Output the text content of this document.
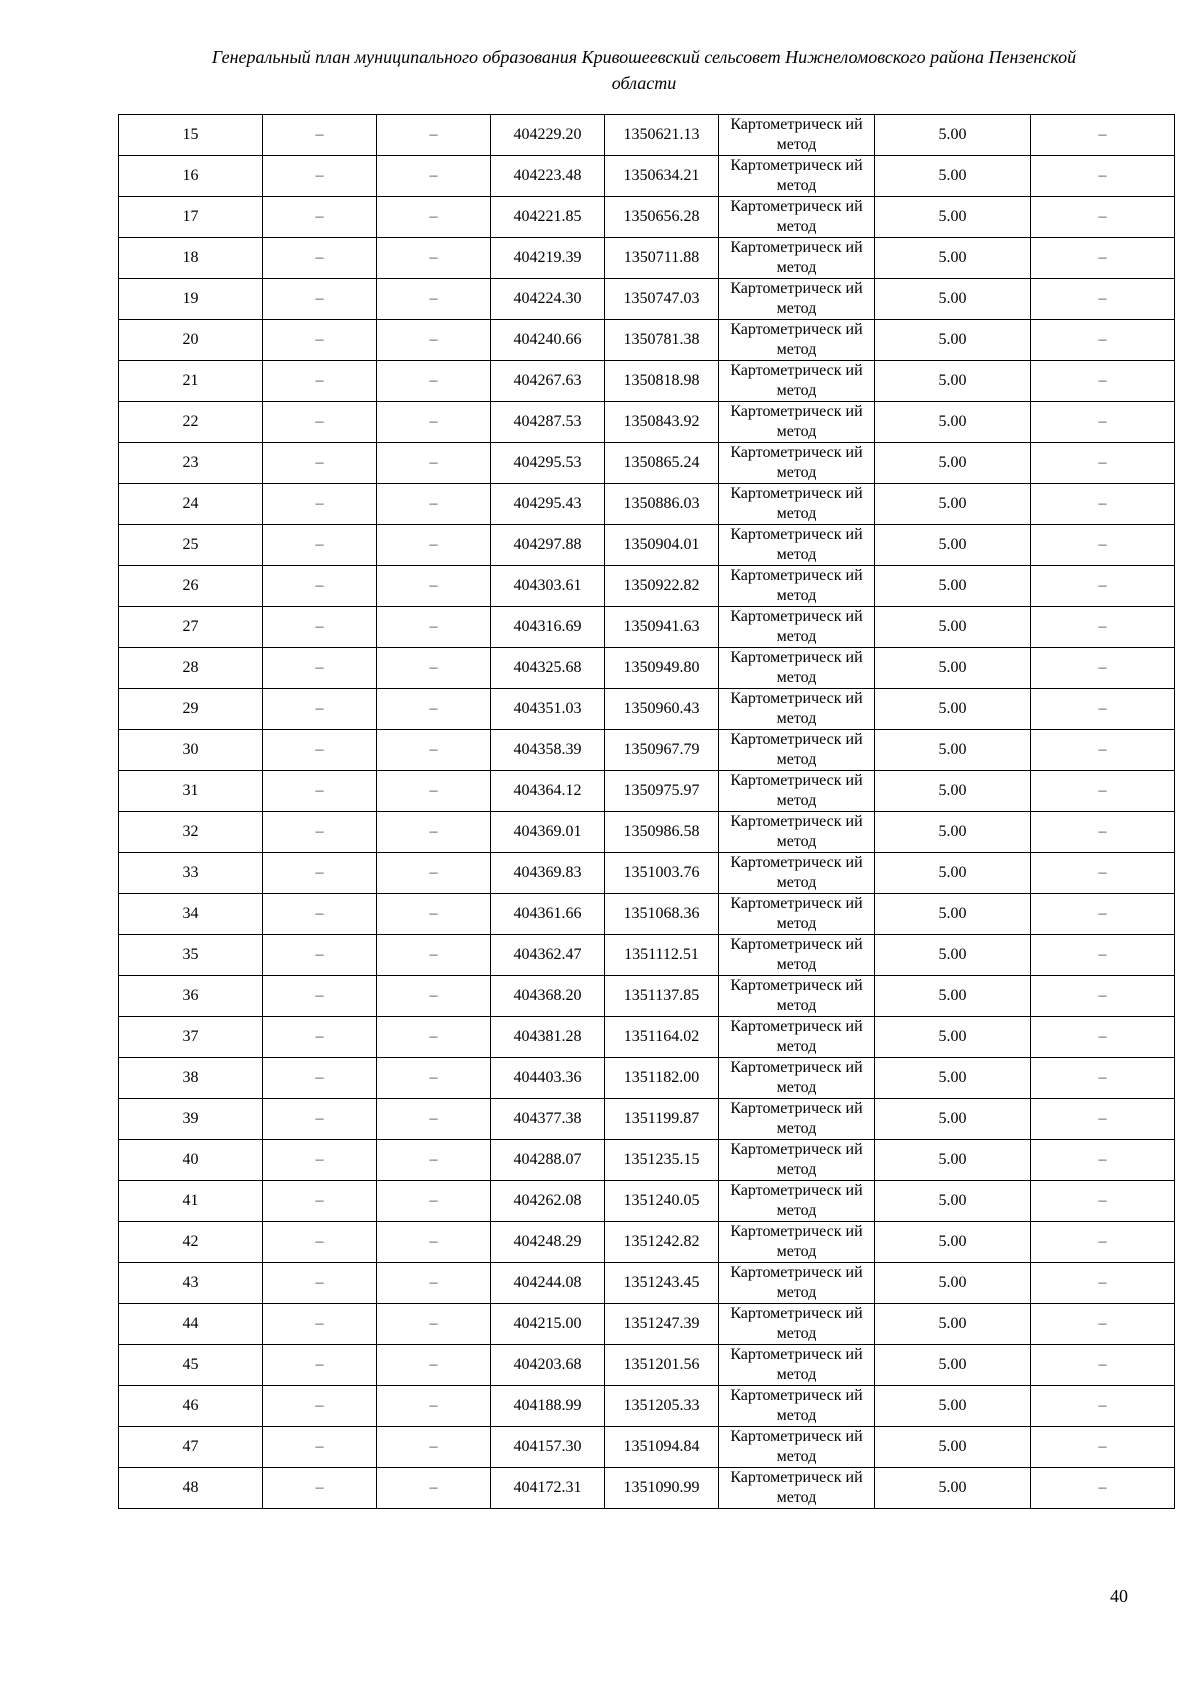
Генеральный план муниципального образования Кривошеевский сельсовет Нижнеломовского района Пензенской
области
15	–	–	404229.20	1350621.13	Картометрическ ий метод	5.00	–
16	–	–	404223.48	1350634.21	Картометрическ ий метод	5.00	–
17	–	–	404221.85	1350656.28	Картометрическ ий метод	5.00	–
18	–	–	404219.39	1350711.88	Картометрическ ий метод	5.00	–
19	–	–	404224.30	1350747.03	Картометрическ ий метод	5.00	–
20	–	–	404240.66	1350781.38	Картометрическ ий метод	5.00	–
21	–	–	404267.63	1350818.98	Картометрическ ий метод	5.00	–
22	–	–	404287.53	1350843.92	Картометрическ ий метод	5.00	–
23	–	–	404295.53	1350865.24	Картометрическ ий метод	5.00	–
24	–	–	404295.43	1350886.03	Картометрическ ий метод	5.00	–
25	–	–	404297.88	1350904.01	Картометрическ ий метод	5.00	–
26	–	–	404303.61	1350922.82	Картометрическ ий метод	5.00	–
27	–	–	404316.69	1350941.63	Картометрическ ий метод	5.00	–
28	–	–	404325.68	1350949.80	Картометрическ ий метод	5.00	–
29	–	–	404351.03	1350960.43	Картометрическ ий метод	5.00	–
30	–	–	404358.39	1350967.79	Картометрическ ий метод	5.00	–
31	–	–	404364.12	1350975.97	Картометрическ ий метод	5.00	–
32	–	–	404369.01	1350986.58	Картометрическ ий метод	5.00	–
33	–	–	404369.83	1351003.76	Картометрическ ий метод	5.00	–
34	–	–	404361.66	1351068.36	Картометрическ ий метод	5.00	–
35	–	–	404362.47	1351112.51	Картометрическ ий метод	5.00	–
36	–	–	404368.20	1351137.85	Картометрическ ий метод	5.00	–
37	–	–	404381.28	1351164.02	Картометрическ ий метод	5.00	–
38	–	–	404403.36	1351182.00	Картометрическ ий метод	5.00	–
39	–	–	404377.38	1351199.87	Картометрическ ий метод	5.00	–
40	–	–	404288.07	1351235.15	Картометрическ ий метод	5.00	–
41	–	–	404262.08	1351240.05	Картометрическ ий метод	5.00	–
42	–	–	404248.29	1351242.82	Картометрическ ий метод	5.00	–
43	–	–	404244.08	1351243.45	Картометрическ ий метод	5.00	–
44	–	–	404215.00	1351247.39	Картометрическ ий метод	5.00	–
45	–	–	404203.68	1351201.56	Картометрическ ий метод	5.00	–
46	–	–	404188.99	1351205.33	Картометрическ ий метод	5.00	–
47	–	–	404157.30	1351094.84	Картометрическ ий метод	5.00	–
48	–	–	404172.31	1351090.99	Картометрическ ий метод	5.00	–
40
